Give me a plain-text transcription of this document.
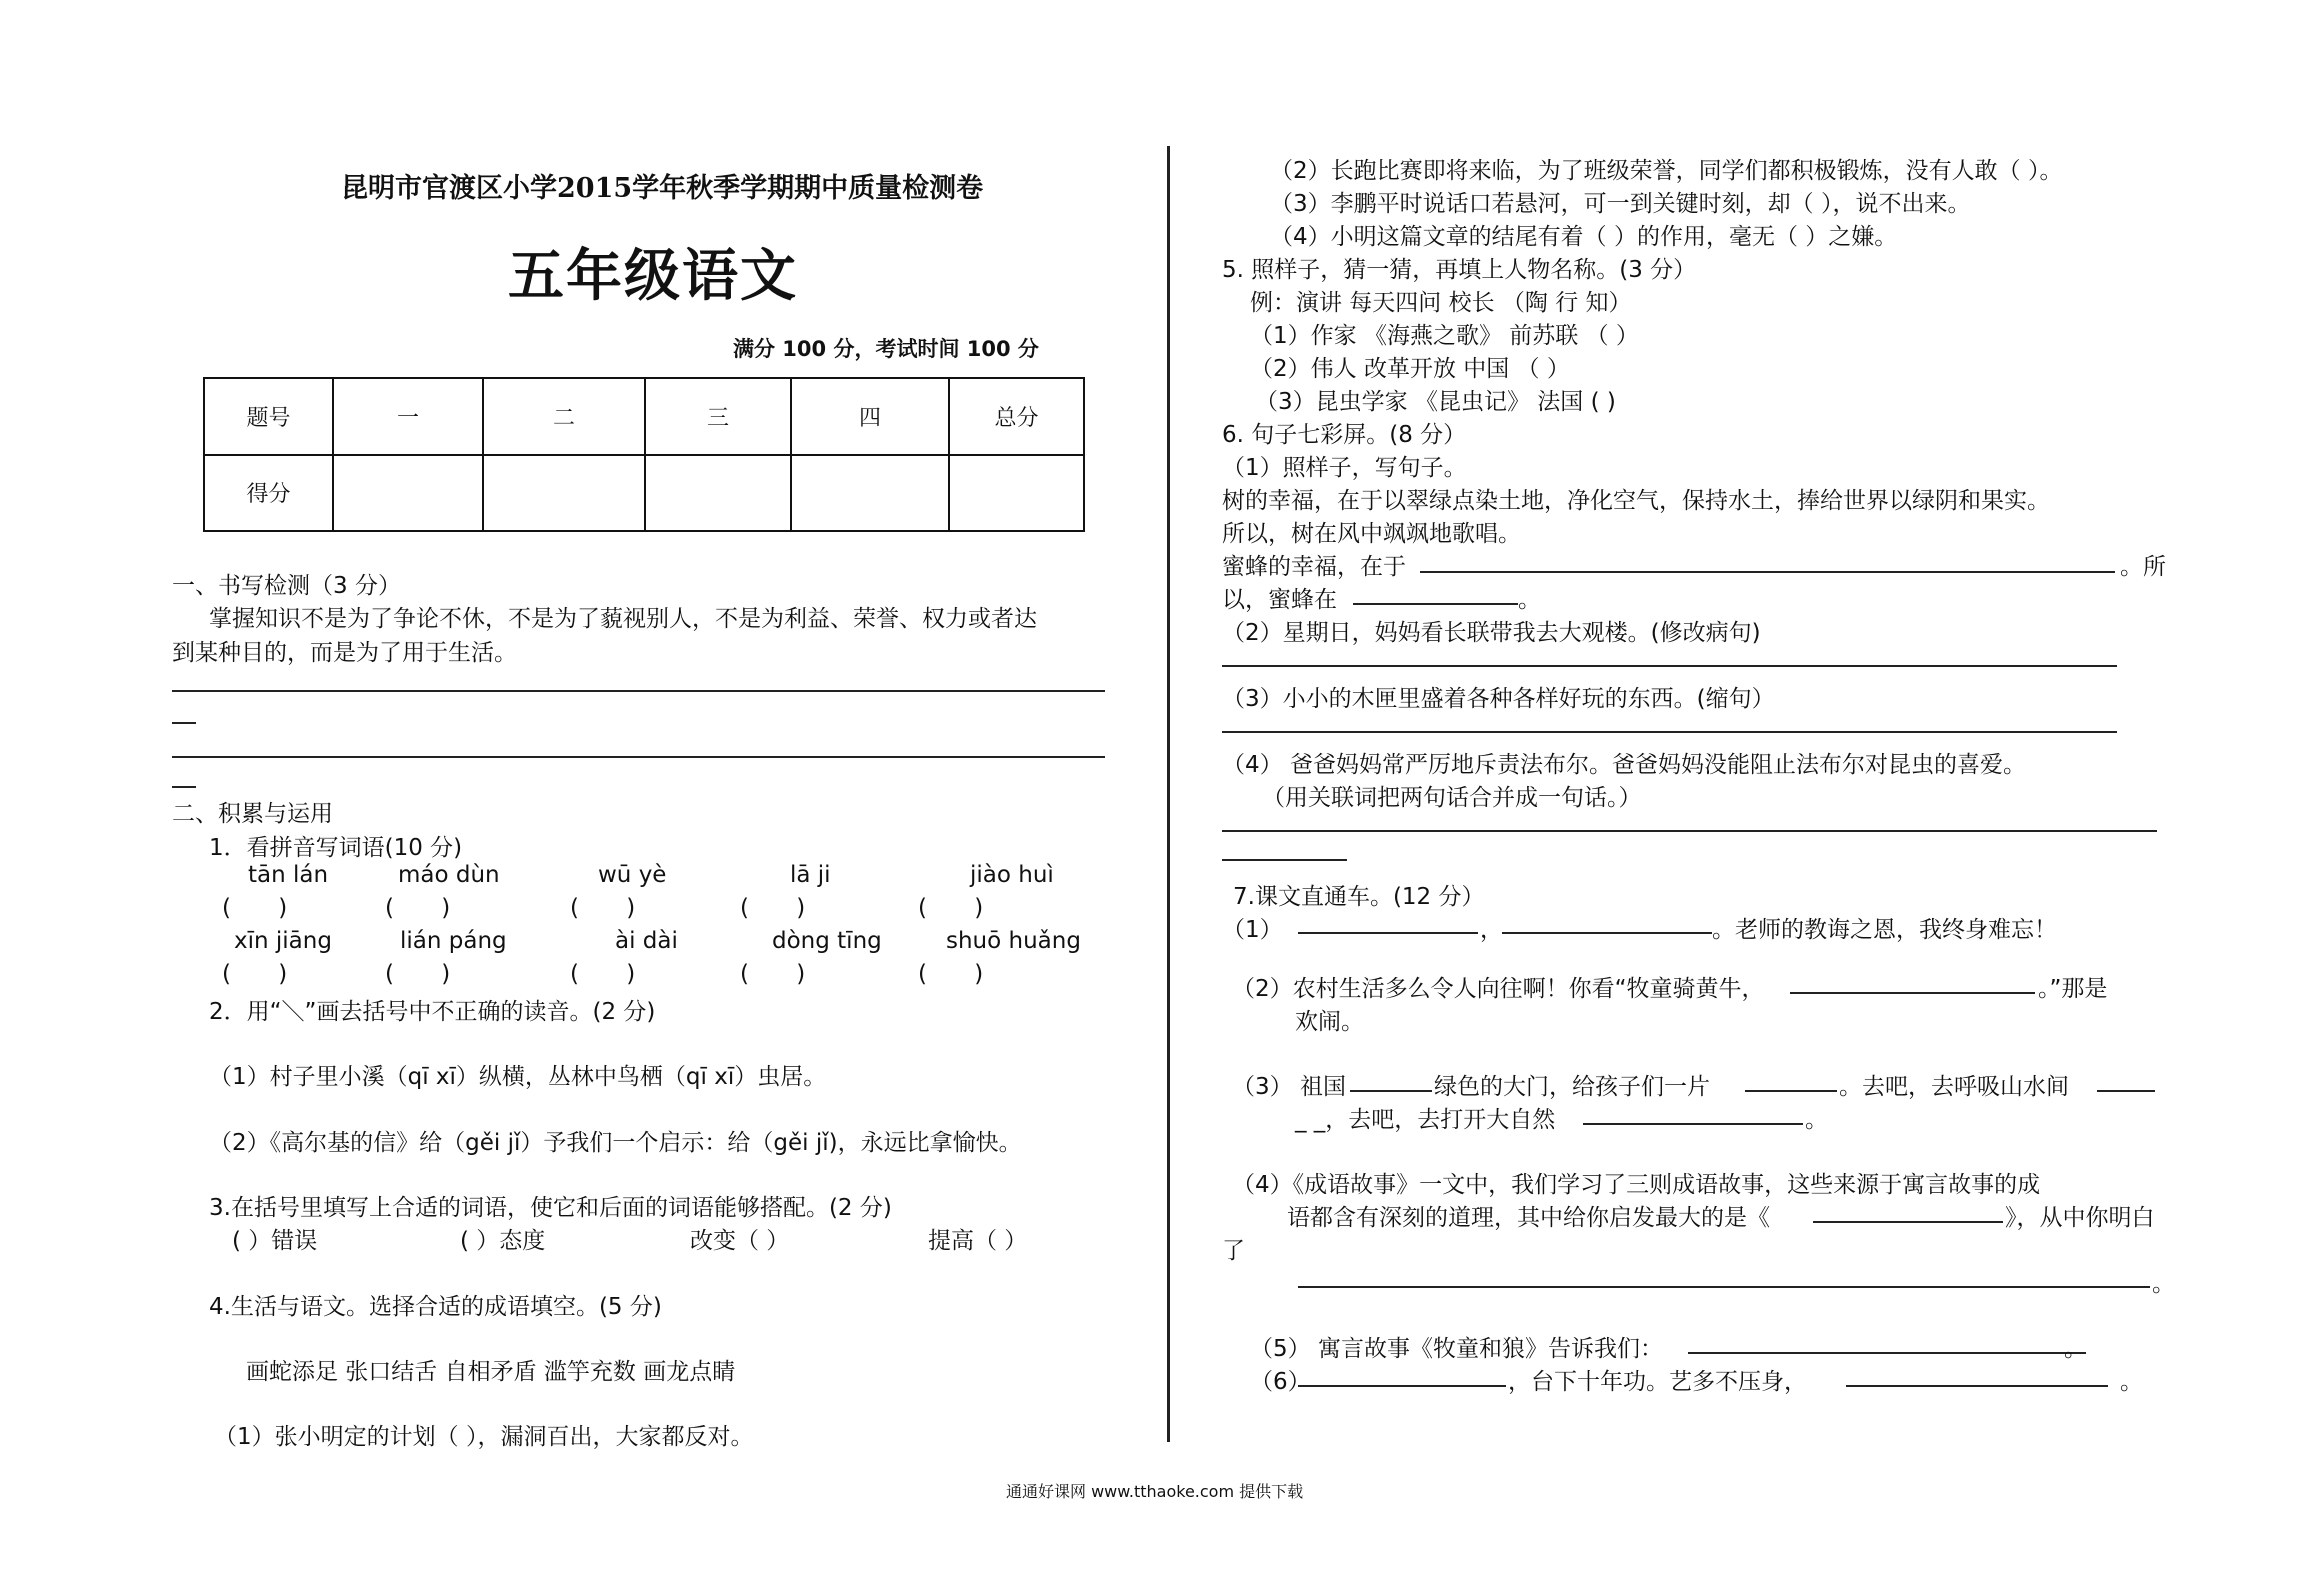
昆明市官渡区小学2015学年秋季学期期中质量检测卷
五年级语文
满分 100 分，考试时间 100 分
题号	一	二	三	四	总分
得分					
一、书写检测（3 分）
掌握知识不是为了争论不休，不是为了藐视别人，不是为利益、荣誉、权力或者达
到某种目的，而是为了用于生活。
二、积累与运用
1．看拼音写词语(10 分)
tān lán	máo dùn	wū yè	lā ji	jiào huì
( )	( )	( )	( )	( )
xīn jiāng	lián páng	ài dài	dòng tīng	shuō huǎng
( )	( )	( )	( )	( )
2．用“＼”画去括号中不正确的读音。(2 分)
（1）村子里小溪（qī xī）纵横，丛林中鸟栖（qī xī）虫居。
（2）《高尔基的信》给（gěi jǐ）予我们一个启示：给（gěi jǐ)，永远比拿愉快。
3.在括号里填写上合适的词语，使它和后面的词语能够搭配。(2 分)
( ）错误	( ）态度	改变（ ）	提高（ ）
4.生活与语文。选择合适的成语填空。(5 分)
画蛇添足 张口结舌 自相矛盾 滥竽充数 画龙点睛
（1）张小明定的计划（ ），漏洞百出，大家都反对。
（2）长跑比赛即将来临，为了班级荣誉，同学们都积极锻炼，没有人敢（ ）。
（3）李鹏平时说话口若悬河，可一到关键时刻，却（ ），说不出来。
（4）小明这篇文章的结尾有着（ ）的作用，毫无（ ）之嫌。
5. 照样子，猜一猜，再填上人物名称。(3 分）
例：演讲 每天四问 校长 （陶 行 知）
（1）作家 《海燕之歌》 前苏联 （ ）
（2）伟人 改革开放 中国 （ ）
（3）昆虫学家 《昆虫记》 法国 ( )
6. 句子七彩屏。(8 分）
（1）照样子，写句子。
树的幸福，在于以翠绿点染土地，净化空气，保持水土，捧给世界以绿阴和果实。
所以，树在风中飒飒地歌唱。
蜜蜂的幸福，在于	。所
以，蜜蜂在	。
（2）星期日，妈妈看长联带我去大观楼。(修改病句)
（3）小小的木匣里盛着各种各样好玩的东西。(缩句）
（4） 爸爸妈妈常严厉地斥责法布尔。爸爸妈妈没能阻止法布尔对昆虫的喜爱。
（用关联词把两句话合并成一句话。）
7.课文直通车。(12 分）
（1）	，	。老师的教诲之恩，我终身难忘！
（2）农村生活多么令人向往啊！你看“牧童骑黄牛，	。”那是
欢闹。
（3） 祖国	绿色的大门，给孩子们一片	。去吧，去呼吸山水间
_ _，去吧，去打开大自然	。
（4）《成语故事》一文中，我们学习了三则成语故事，这些来源于寓言故事的成
语都含有深刻的道理，其中给你启发最大的是《	》，从中你明白
了
。
（5） 寓言故事《牧童和狼》告诉我们：	。
（6）	，台下十年功。艺多不压身，	。
通通好课网 www.tthaoke.com 提供下载
